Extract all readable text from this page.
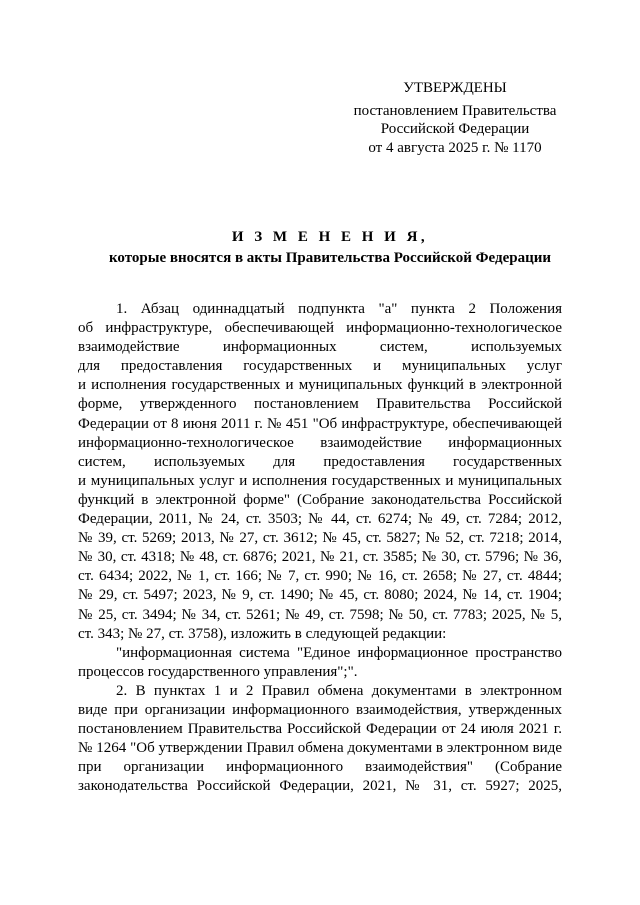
УТВЕРЖДЕНЫ
постановлением Правительства
Российской Федерации
от 4 августа 2025 г. № 1170
И З М Е Н Е Н И Я,
которые вносятся в акты Правительства Российской Федерации
1. Абзац одиннадцатый подпункта "а" пункта 2 Положения
об инфраструктуре, обеспечивающей информационно-технологическое
взаимодействие информационных систем, используемых
для предоставления государственных и муниципальных услуг
и исполнения государственных и муниципальных функций в электронной
форме, утвержденного постановлением Правительства Российской
Федерации от 8 июня 2011 г. № 451 "Об инфраструктуре, обеспечивающей
информационно-технологическое взаимодействие информационных
систем, используемых для предоставления государственных
и муниципальных услуг и исполнения государственных и муниципальных
функций в электронной форме" (Собрание законодательства Российской
Федерации, 2011, № 24, ст. 3503; № 44, ст. 6274; № 49, ст. 7284; 2012,
№ 39, ст. 5269; 2013, № 27, ст. 3612; № 45, ст. 5827; № 52, ст. 7218; 2014,
№ 30, ст. 4318; № 48, ст. 6876; 2021, № 21, ст. 3585; № 30, ст. 5796; № 36,
ст. 6434; 2022, № 1, ст. 166; № 7, ст. 990; № 16, ст. 2658; № 27, ст. 4844;
№ 29, ст. 5497; 2023, № 9, ст. 1490; № 45, ст. 8080; 2024, № 14, ст. 1904;
№ 25, ст. 3494; № 34, ст. 5261; № 49, ст. 7598; № 50, ст. 7783; 2025, № 5,
ст. 343; № 27, ст. 3758), изложить в следующей редакции:
"информационная система "Единое информационное пространство
процессов государственного управления";".
2. В пунктах 1 и 2 Правил обмена документами в электронном
виде при организации информационного взаимодействия, утвержденных
постановлением Правительства Российской Федерации от 24 июля 2021 г.
№ 1264 "Об утверждении Правил обмена документами в электронном виде
при организации информационного взаимодействия" (Собрание
законодательства Российской Федерации, 2021, № 31, ст. 5927; 2025,
